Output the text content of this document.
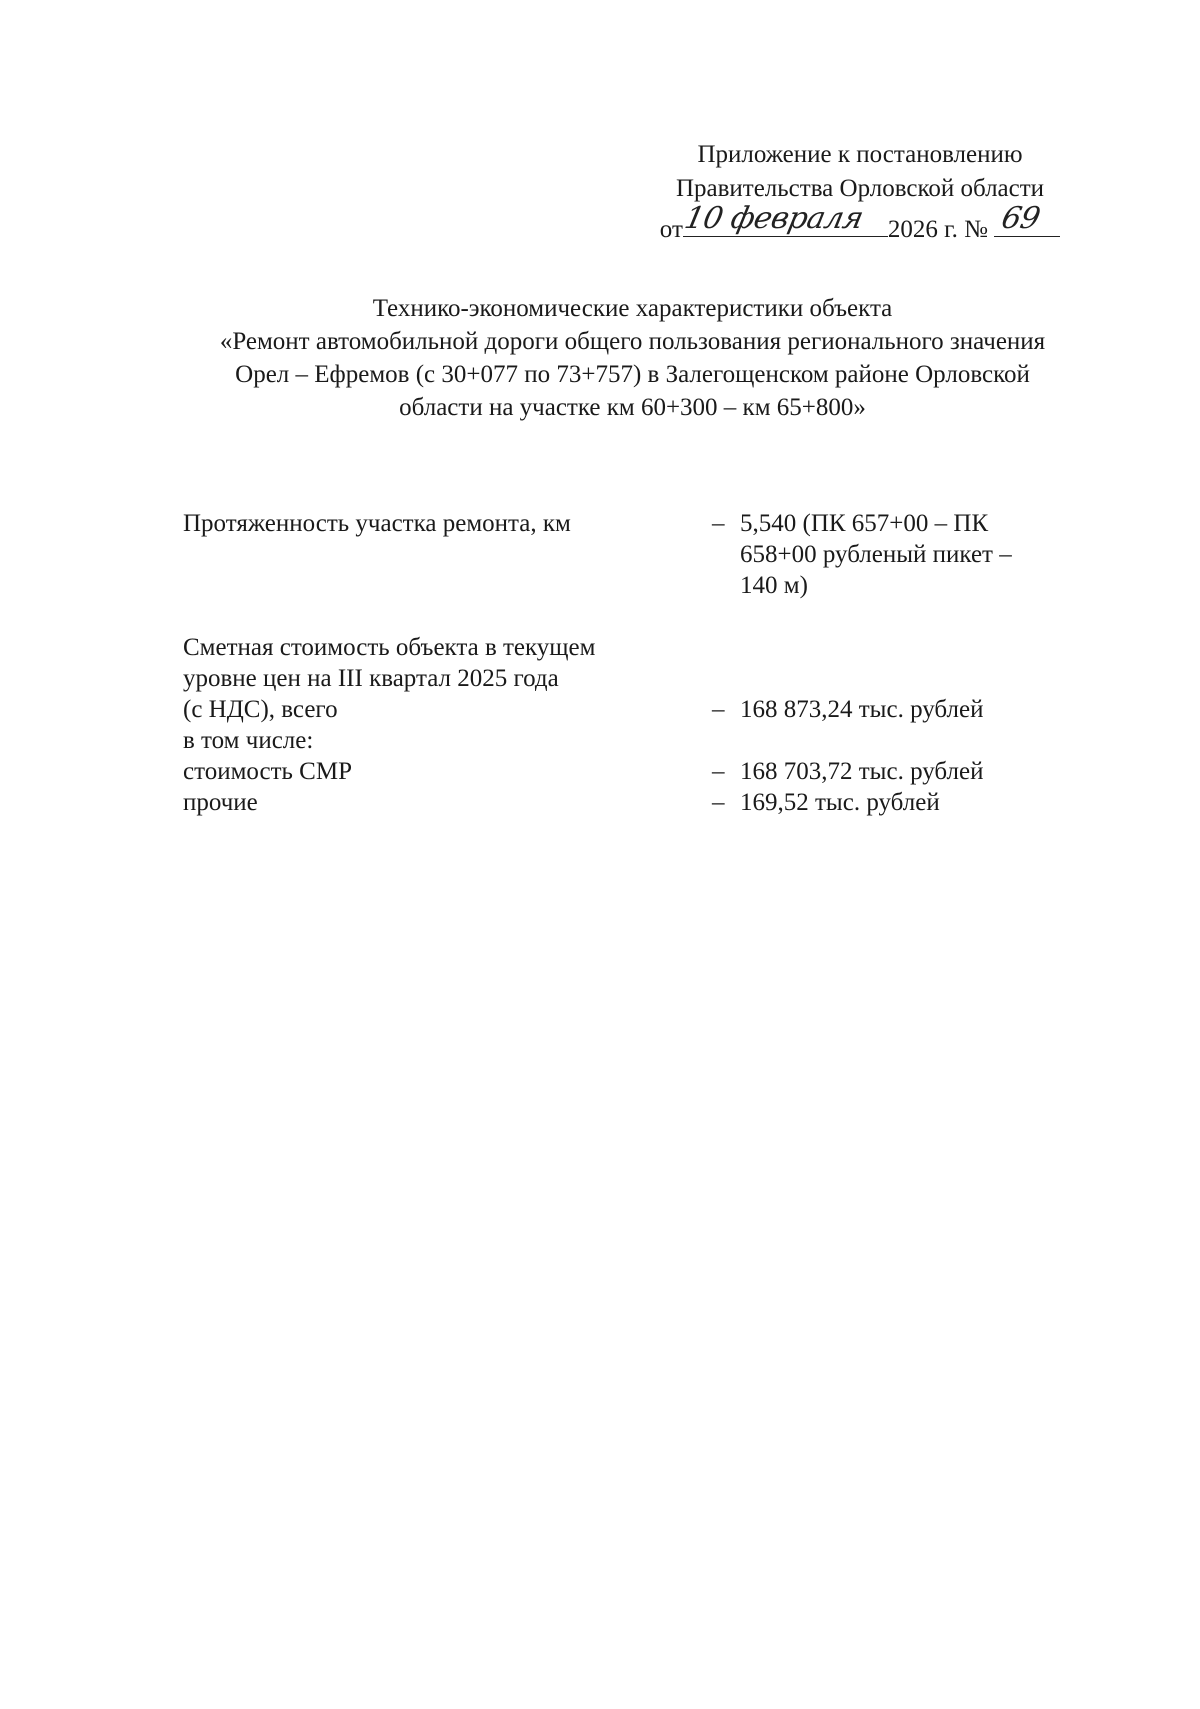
Приложение к постановлению
Правительства Орловской области
от
10 февраля 2026 г. № 69
Технико-экономические характеристики объекта
«Ремонт автомобильной дороги общего пользования регионального значения
Орел – Ефремов (с 30+077 по 73+757) в Залегощенском районе Орловской
области на участке км 60+300 – км 65+800»
Протяженность участка ремонта, км	– 5,540 (ПК 657+00 – ПК
658+00 рубленый пикет –
140 м)
Сметная стоимость объекта в текущем
уровне цен на III квартал 2025 года
(с НДС), всего	– 168 873,24 тыс. рублей
в том числе:
стоимость СМР	– 168 703,72 тыс. рублей
прочие	– 169,52 тыс. рублей
